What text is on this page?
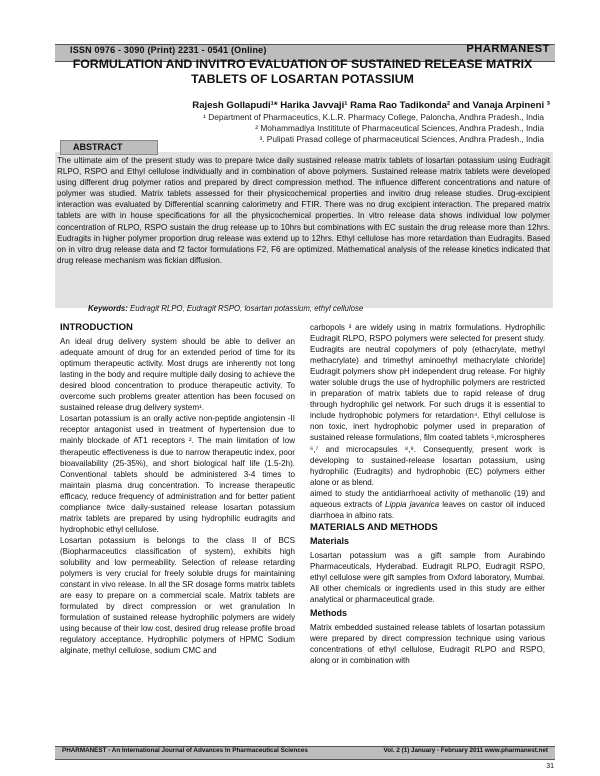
ISSN 0976 - 3090 (Print) 2231 - 0541 (Online)	PHARMANEST
FORMULATION AND INVITRO EVALUATION OF SUSTAINED RELEASE MATRIX TABLETS OF LOSARTAN POTASSIUM
Rajesh Gollapudi¹* Harika Javvaji¹ Rama Rao Tadikonda² and Vanaja Arpineni ³
¹ Department of Pharmaceutics, K.L.R. Pharmacy College, Paloncha, Andhra Pradesh., India
² Mohammadiya Instititute of Pharmaceutical Sciences, Andhra Pradesh., India
³. Pulipati Prasad college of pharmaceutical Sciences, Andhra Pradesh., India
ABSTRACT
The ultimate aim of the present study was to prepare twice daily sustained release matrix tablets of losartan potassium using Eudragit RLPO, RSPO and Ethyl cellulose individually and in combination of above polymers. Sustained release matrix tablets were developed using different drug polymer ratios and prepared by direct compression method. The influence different concentrations and nature of polymer was studied. Matrix tablets assessed for their physicochemical properties and invitro drug release studies. Drug-excipient interaction was evaluated by Differential scanning calorimetry and FTIR. There was no drug excipient interaction. The prepared matrix tablets are with in house specifications for all the physicochemical properties. In vitro release data shows individual low polymer concentration of RLPO, RSPO sustain the drug release up to 10hrs but combinations with EC sustain the drug release more than 12hrs. Eudragits in higher polymer proportion drug release was extend up to 12hrs. Ethyl cellulose has more retardation than Eudragits. Based on in vitro drug release data and f2 factor formulations F2, F6 are optimized. Mathematical analysis of the release kinetics indicated that drug release mechanism was fickian diffusion.
Keywords: Eudragit RLPO, Eudragit RSPO, losartan potassium, ethyl cellulose

INTRODUCTION

An ideal drug delivery system should be able to deliver an adequate amount of drug for an extended period of time for its optimum therapeutic activity. Most drugs are inherently not long lasting in the body and require multiple daily dosing to achieve the desired blood concentration to produce therapeutic activity. To overcome such problems greater attention has been focused on sustained release drug delivery system¹.

Losartan potassium is an orally active non-peptide angiotensin -II receptor antagonist used in treatment of hypertension due to mainly blockade of AT1 receptors ². The main limitation of low therapeutic effectiveness is due to narrow therapeutic index, poor bioavailability (25-35%), and short biological half life (1.5-2h). Conventional tablets should be administered 3-4 times to maintain plasma drug concentration. To increase therapeutic efficacy, reduce frequency of administration and for better patient compliance twice daily-sustained release losartan potassium matrix tablets are prepared by using hydrophilic eudragits and hydrophobic ethyl cellulose.

Losartan potassium is belongs to the class II of BCS (Biopharmaceutics classification of system), exhibits high solubility and low permeability. Selection of release retarding polymers is very crucial for freely soluble drugs for maintaining constant in vivo release. In all the SR dosage forms matrix tablets are easy to prepare on a commercial scale. Matrix tablets are formulated by direct compression or wet granulation In formulation of sustained release hydrophilic polymers are widely using because of their low cost, desired drug release profile broad regulatory acceptance. Hydrophilic polymers of HPMC Sodium alginate, methyl cellulose, sodium CMC and

carbopols ³ are widely using in matrix formulations. Hydrophilic Eudragit RLPO, RSPO polymers were selected for present study. Eudragits are neutral copolymers of poly (ethacrylate, methyl methacrylate) and trimethyl aminoethyl methacrylate chloride] Eudragit polymers show pH independent drug release. For highly water soluble drugs the use of hydrophilic polymers are restricted in preparation of matrix tablets due to rapid release of drug through hydrophilic gel network. For such drugs it is essential to include hydrophobic polymers for retardation⁴. Ethyl cellulose is non toxic, inert hydrophobic polymer used in preparation of sustained release formulations, film coated tablets ⁵,microspheres ⁶,⁷ and microcapsules ⁸,⁹. Consequently, present work is developing to sustained-release losartan potassium, using hydrophilic (Eudragits) and hydrophobic (EC) polymers either alone or as blend.

aimed to study the antidiarrhoeal activity of methanolic (19) and aqueous extracts of Lippia javanica leaves on castor oil induced diarrhoea in albino rats.

MATERIALS AND METHODS

Materials

Losartan potassium was a gift sample from Aurabindo Pharmaceuticals, Hyderabad. Eudragit RLPO, Eudragit RSPO, ethyl cellulose were gift samples from Oxford laboratory, Mumbai. All other chemicals or ingredients used in this study are either analytical or pharmaceutical grade.

Methods

Matrix embedded sustained release tablets of losartan potassium were prepared by direct compression technique using various concentrations of ethyl cellulose, Eudragit RLPO and RSPO, along or in combination with

PHARMANEST - An International Journal of Advances In Pharmaceutical Sciences	Vol. 2 (1) January - February 2011 www.pharmanest.net
31
